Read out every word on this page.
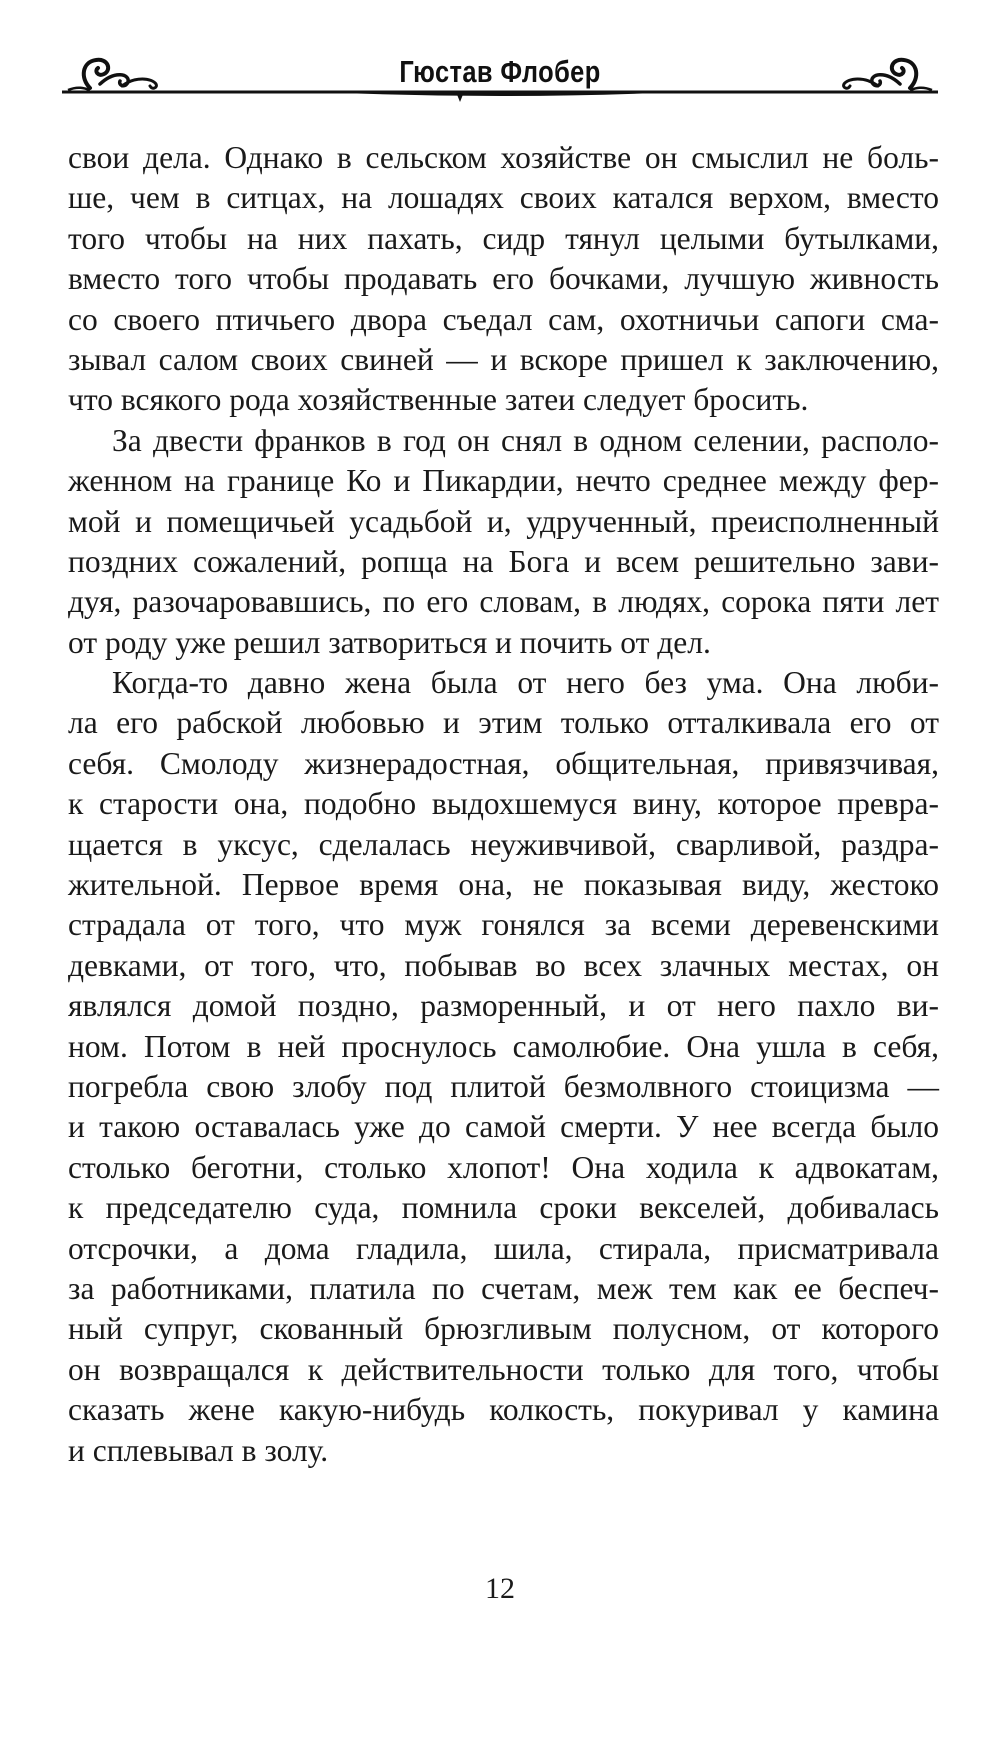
Гюстав Флобер

свои дела. Однако в сельском хозяйстве он смыслил не боль-
ше, чем в ситцах, на лошадях своих катался верхом, вместо
того чтобы на них пахать, сидр тянул целыми бутылками,
вместо того чтобы продавать его бочками, лучшую живность
со своего птичьего двора съедал сам, охотничьи сапоги сма-
зывал салом своих свиней — и вскоре пришел к заключению,
что всякого рода хозяйственные затеи следует бросить.

За двести франков в год он снял в одном селении, располо-
женном на границе Ко и Пикардии, нечто среднее между фер-
мой и помещичьей усадьбой и, удрученный, преисполненный
поздних сожалений, ропща на Бога и всем решительно зави-
дуя, разочаровавшись, по его словам, в людях, сорока пяти лет
от роду уже решил затвориться и почить от дел.

Когда-то давно жена была от него без ума. Она люби-
ла его рабской любовью и этим только отталкивала его от
себя. Смолоду жизнерадостная, общительная, привязчивая,
к старости она, подобно выдохшемуся вину, которое превра-
щается в уксус, сделалась неуживчивой, сварливой, раздра-
жительной. Первое время она, не показывая виду, жестоко
страдала от того, что муж гонялся за всеми деревенскими
девками, от того, что, побывав во всех злачных местах, он
являлся домой поздно, разморенный, и от него пахло ви-
ном. Потом в ней проснулось самолюбие. Она ушла в себя,
погребла свою злобу под плитой безмолвного стоицизма —
и такою оставалась уже до самой смерти. У нее всегда было
столько беготни, столько хлопот! Она ходила к адвокатам,
к председателю суда, помнила сроки векселей, добивалась
отсрочки, а дома гладила, шила, стирала, присматривала
за работниками, платила по счетам, меж тем как ее беспеч-
ный супруг, скованный брюзгливым полусном, от которого
он возвращался к действительности только для того, чтобы
сказать жене какую-нибудь колкость, покуривал у камина
и сплевывал в золу.

12
